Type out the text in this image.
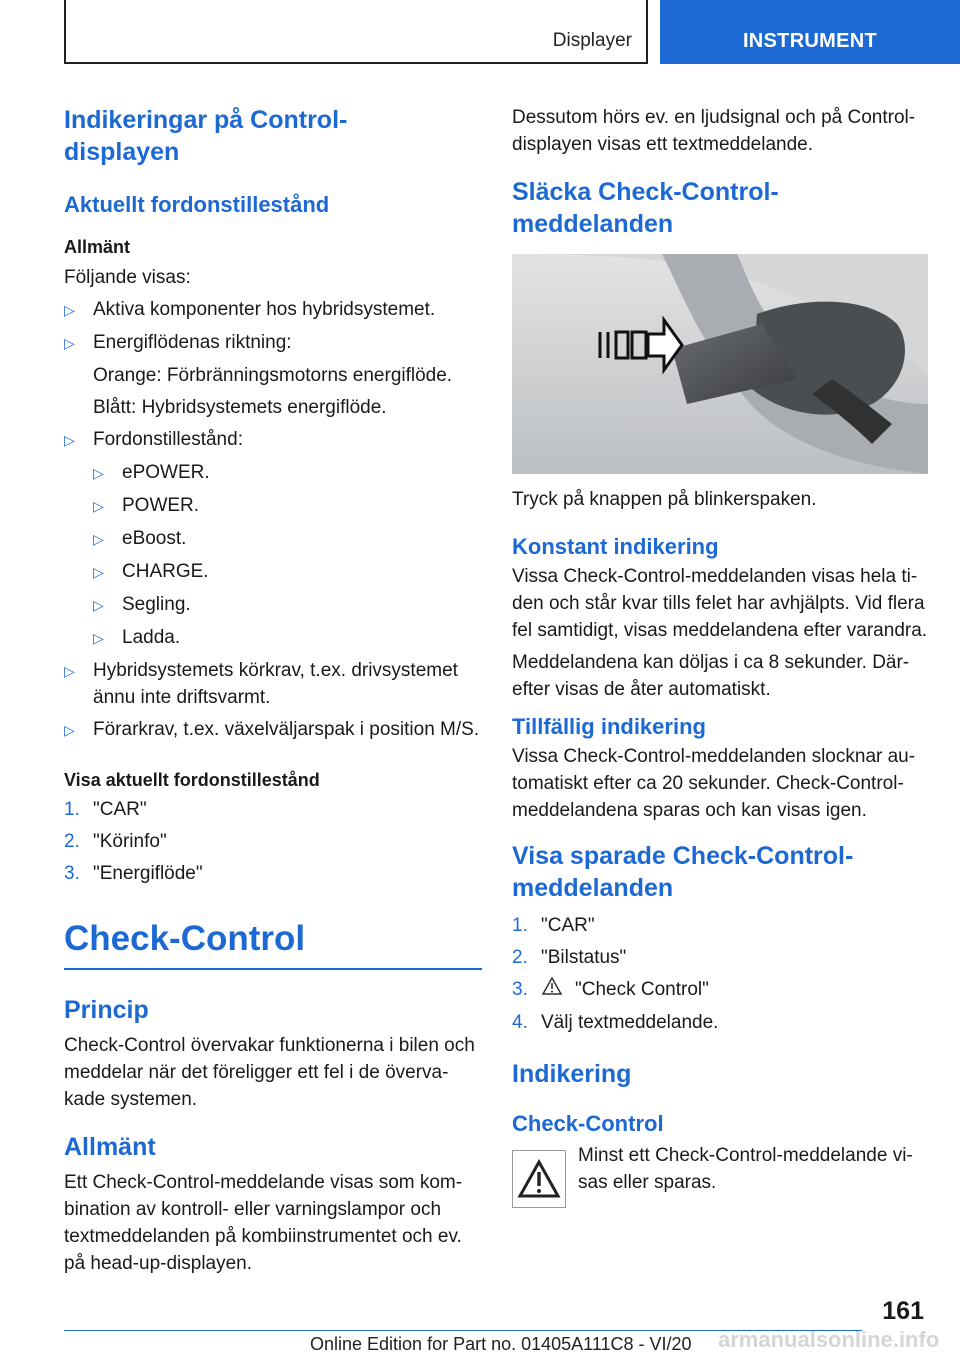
Displayer	INSTRUMENT
Indikeringar på Control-displayen
Aktuellt fordonstillestånd
Allmänt

Följande visas:

▷ Aktiva komponenter hos hybridsystemet.
▷ Energiflödenas riktning:
Orange: Förbränningsmotorns energiflöde.
Blått: Hybridsystemets energiflöde.
▷ Fordonstillestånd:
▷ ePOWER.
▷ POWER.
▷ eBoost.
▷ CHARGE.
▷ Segling.
▷ Ladda.
▷ Hybridsystemets körkrav, t.ex. drivsystemet ännu inte driftsvarmt.
▷ Förarkrav, t.ex. växelväljarspak i position M/S.
Visa aktuellt fordonstillestånd
1. "CAR"
2. "Körinfo"
3. "Energiflöde"
Check-Control
Princip

Check-Control övervakar funktionerna i bilen och meddelar när det föreligger ett fel i de överva-kade systemen.

Allmänt

Ett Check-Control-meddelande visas som kom-bination av kontroll- eller varningslampor och textmeddelanden på kombiinstrumentet och ev. på head-up-displayen.

Dessutom hörs ev. en ljudsignal och på Control-displayen visas ett textmeddelande.

Släcka Check-Control-meddelanden

Tryck på knappen på blinkerspaken.

Konstant indikering

Vissa Check-Control-meddelanden visas hela ti-den och står kvar tills felet har avhjälpts. Vid flera fel samtidigt, visas meddelandena efter varandra.

Meddelandena kan döljas i ca 8 sekunder. Där-efter visas de åter automatiskt.

Tillfällig indikering

Vissa Check-Control-meddelanden slocknar au-tomatiskt efter ca 20 sekunder. Check-Control-meddelandena sparas och kan visas igen.

Visa sparade Check-Control-meddelanden
1. "CAR"
2. "Bilstatus"
3.	"Check Control"
4. Välj textmeddelande.
Indikering
Check-Control

Minst ett Check-Control-meddelande vi-sas eller sparas.

161
Online Edition for Part no. 01405A111C8 - VI/20 armanualsonline.info
